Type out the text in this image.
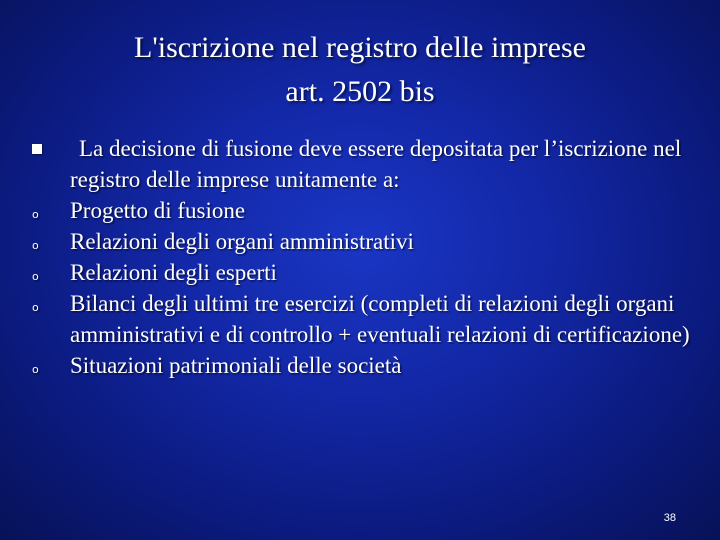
L'iscrizione nel registro delle imprese
art. 2502 bis
La decisione di fusione deve essere depositata per l’iscrizione nel registro delle imprese unitamente a:
o Progetto di fusione
o Relazioni degli organi amministrativi
o Relazioni degli esperti
o Bilanci degli ultimi tre esercizi (completi di relazioni degli organi amministrativi e di controllo + eventuali relazioni di certificazione)
o Situazioni patrimoniali delle società
38
